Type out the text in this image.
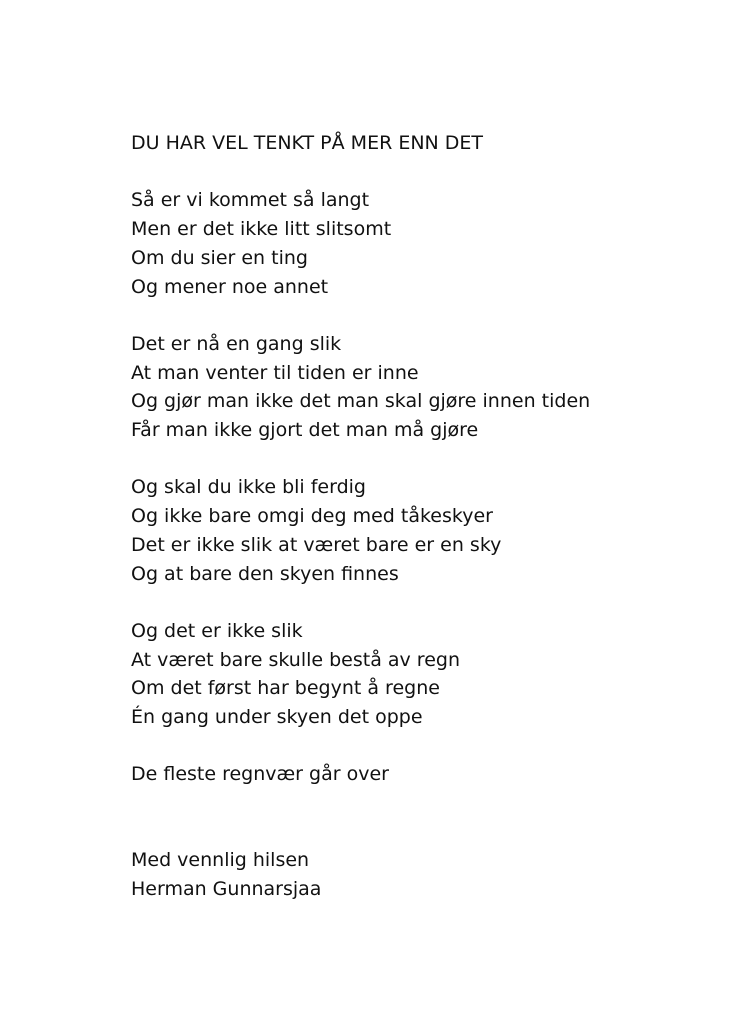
DU HAR VEL TENKT PÅ MER ENN DET
Så er vi kommet så langt
Men er det ikke litt slitsomt
Om du sier en ting
Og mener noe annet
Det er nå en gang slik
At man venter til tiden er inne
Og gjør man ikke det man skal gjøre innen tiden
Får man ikke gjort det man må gjøre
Og skal du ikke bli ferdig
Og ikke bare omgi deg med tåkeskyer
Det er ikke slik at været bare er en sky
Og at bare den skyen finnes
Og det er ikke slik
At været bare skulle bestå av regn
Om det først har begynt å regne
Én gang under skyen det oppe
De fleste regnvær går over
Med vennlig hilsen
Herman Gunnarsjaa
